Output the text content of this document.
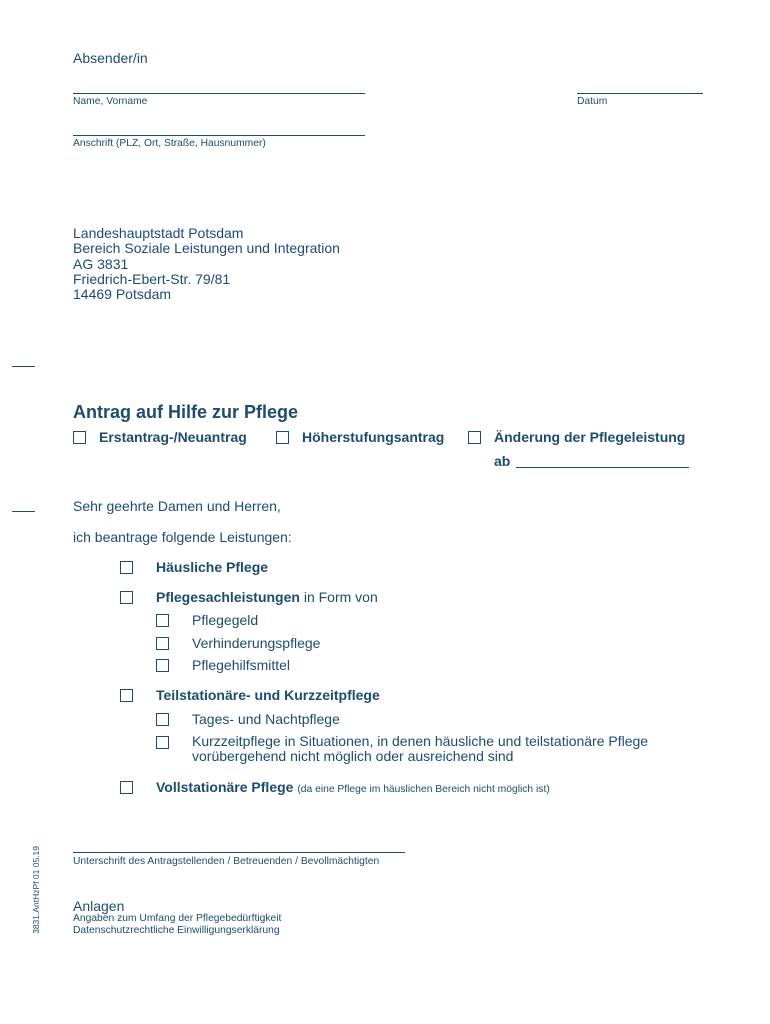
Absender/in
Name, Vorname	Datum
Anschrift (PLZ, Ort, Straße, Hausnummer)
Landeshauptstadt Potsdam
Bereich Soziale Leistungen und Integration
AG 3831
Friedrich-Ebert-Str. 79/81
14469 Potsdam
Antrag auf Hilfe zur Pflege
Erstantrag-/Neuantrag	Höherstufungsantrag	Änderung der Pflegeleistung
ab
Sehr geehrte Damen und Herren,
ich beantrage folgende Leistungen:
Häusliche Pflege
Pflegesachleistungen in Form von
Pflegegeld
Verhinderungspflege
Pflegehilfsmittel
Teilstationäre- und Kurzzeitpflege
Tages- und Nachtpflege
Kurzzeitpflege in Situationen, in denen häusliche und teilstationäre Pflege vorübergehend nicht möglich oder ausreichend sind
Vollstationäre Pflege (da eine Pflege im häuslichen Bereich nicht möglich ist)
Unterschrift des Antragstellenden / Betreuenden / Bevollmächtigten
Anlagen
Angaben zum Umfang der Pflegebedürftigkeit
Datenschutzrechtliche Einwilligungserklärung
3831.AntHzPf 01 05.19
